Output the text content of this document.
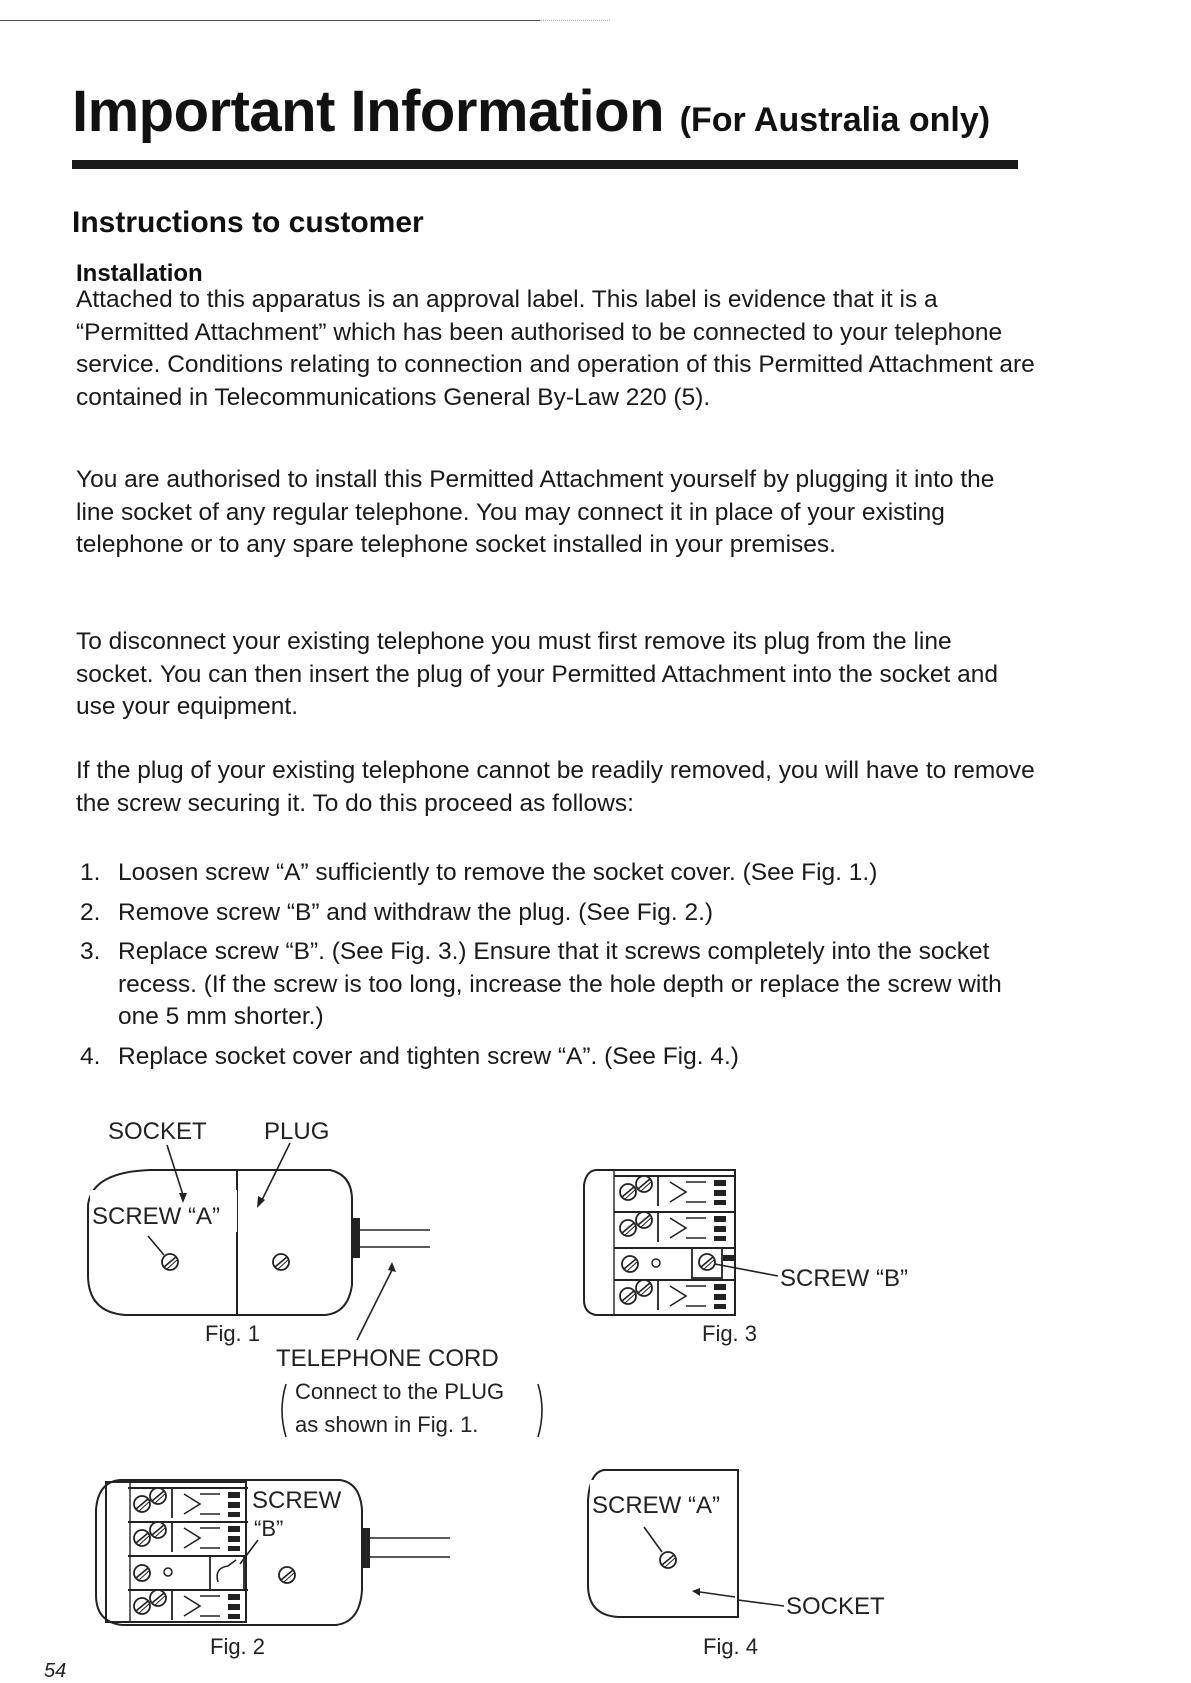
Important Information (For Australia only)
Instructions to customer
Installation
Attached to this apparatus is an approval label. This label is evidence that it is a “Permitted Attachment” which has been authorised to be connected to your telephone service. Conditions relating to connection and operation of this Permitted Attachment are contained in Telecommunications General By-Law 220 (5).
You are authorised to install this Permitted Attachment yourself by plugging it into the line socket of any regular telephone. You may connect it in place of your existing telephone or to any spare telephone socket installed in your premises.
To disconnect your existing telephone you must first remove its plug from the line socket. You can then insert the plug of your Permitted Attachment into the socket and use your equipment.
If the plug of your existing telephone cannot be readily removed, you will have to remove the screw securing it. To do this proceed as follows:
1. Loosen screw “A” sufficiently to remove the socket cover. (See Fig. 1.)
2. Remove screw “B” and withdraw the plug. (See Fig. 2.)
3. Replace screw “B”. (See Fig. 3.) Ensure that it screws completely into the socket recess. (If the screw is too long, increase the hole depth or replace the screw with one 5 mm shorter.)
4. Replace socket cover and tighten screw “A”. (See Fig. 4.)
SOCKET PLUG
SCREW “A”
Fig. 1
TELEPHONE CORD
Connect to the PLUG
as shown in Fig. 1.
SCREW
“B”
Fig. 2
SCREW “B”
Fig. 3
SCREW “A”
SOCKET
Fig. 4
54
